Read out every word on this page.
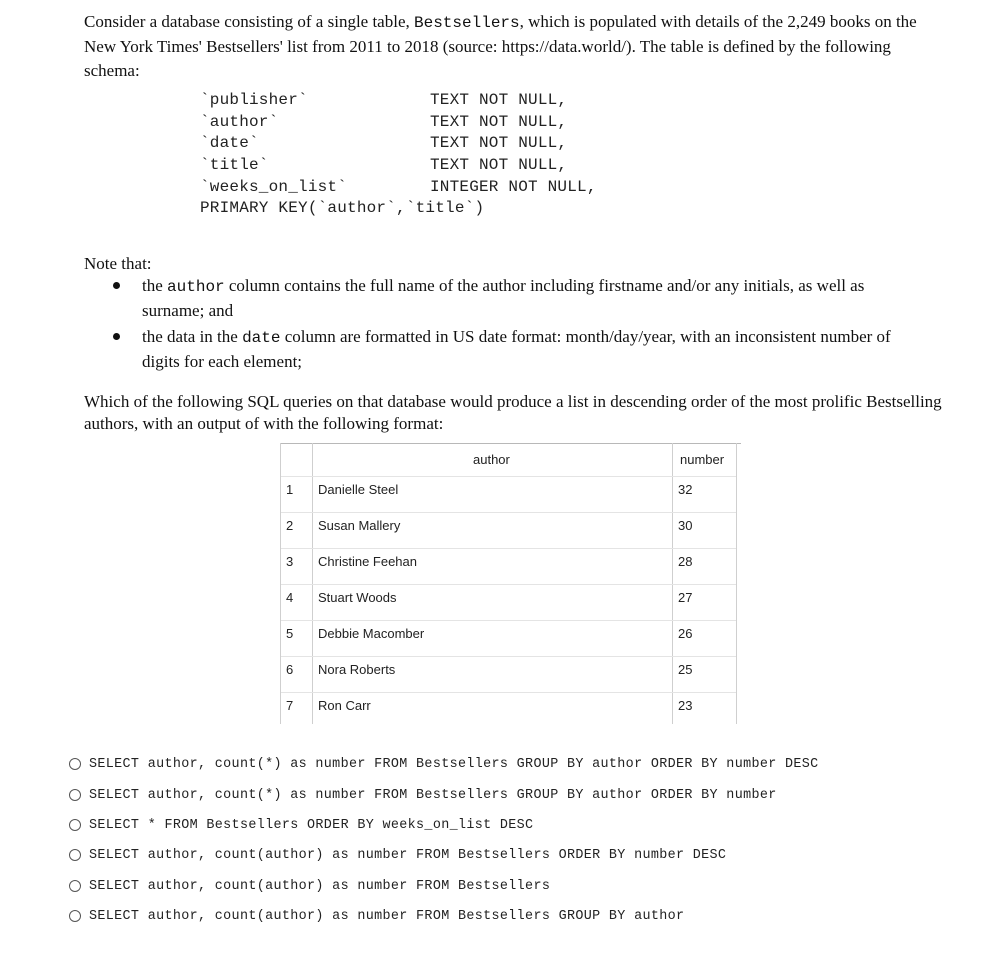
Consider a database consisting of a single table, Bestsellers, which is populated with details of the 2,249 books on the New York Times' Bestsellers' list from 2011 to 2018 (source: https://data.world/). The table is defined by the following schema:

`publisher`	TEXT NOT NULL,
`author`	TEXT NOT NULL,
`date`	TEXT NOT NULL,
`title`	TEXT NOT NULL,
`weeks_on_list`	INTEGER NOT NULL,
PRIMARY KEY(`author`,`title`)

Note that:

the author column contains the full name of the author including firstname and/or any initials, as well as surname; and
the data in the date column are formatted in US date format: month/day/year, with an inconsistent number of digits for each element;

Which of the following SQL queries on that database would produce a list in descending order of the most prolific Bestselling authors, with an output of with the following format:

author	number
1 Danielle Steel	32
2 Susan Mallery	30
3 Christine Feehan	28
4 Stuart Woods	27
5 Debbie Macomber	26
6 Nora Roberts	25
7 Ron Carr	23
SELECT author, count(*) as number FROM Bestsellers GROUP BY author ORDER BY number DESC
SELECT author, count(*) as number FROM Bestsellers GROUP BY author ORDER BY number
SELECT * FROM Bestsellers ORDER BY weeks_on_list DESC
SELECT author, count(author) as number FROM Bestsellers ORDER BY number DESC
SELECT author, count(author) as number FROM Bestsellers
SELECT author, count(author) as number FROM Bestsellers GROUP BY author
